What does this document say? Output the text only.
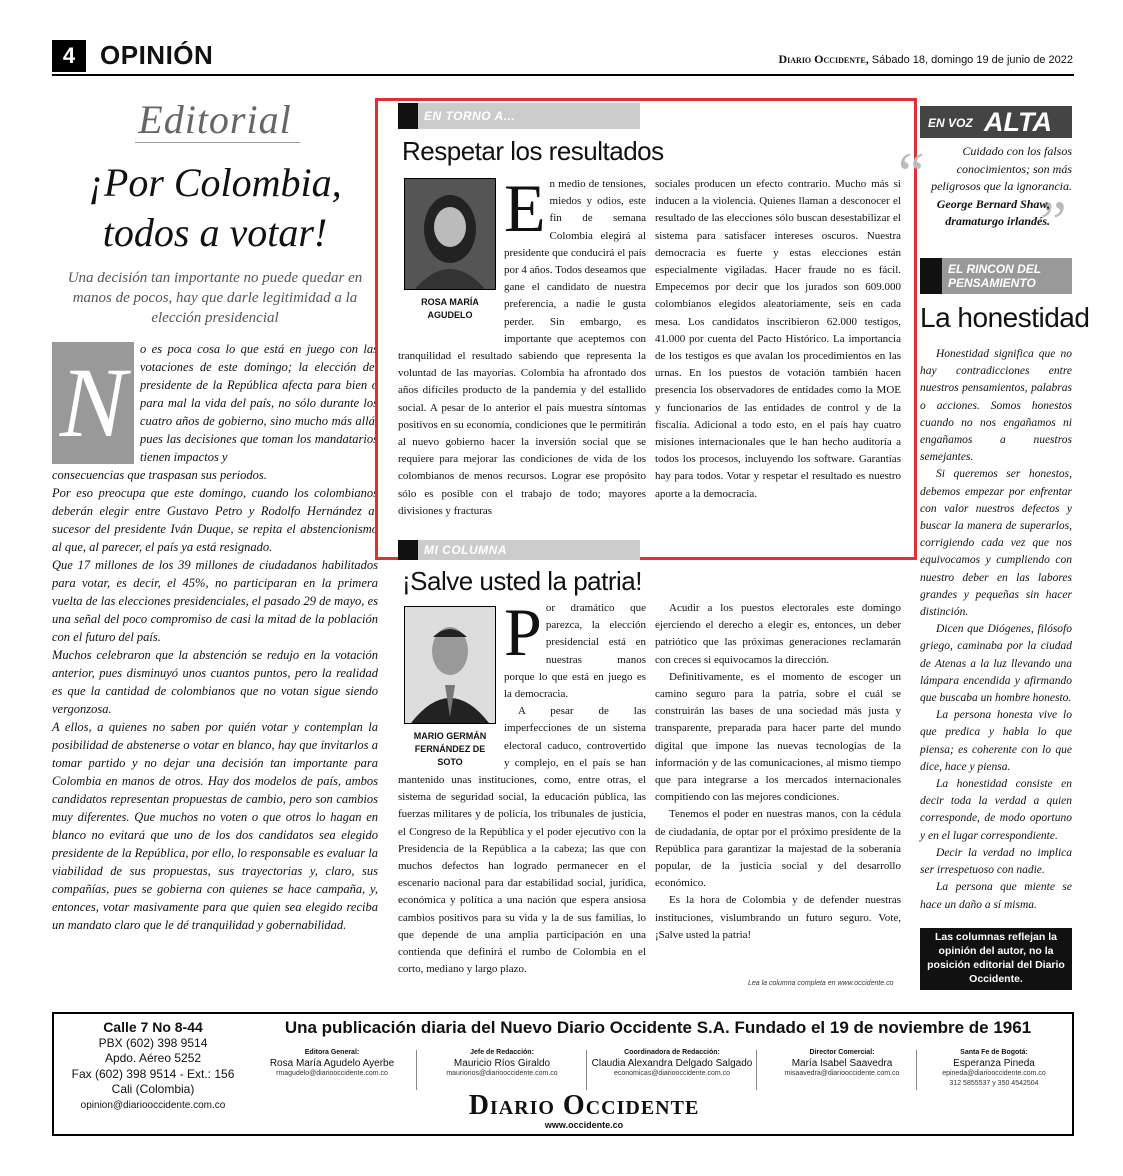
4 OPINIÓN	Diario Occidente, Sábado 18, domingo 19 de junio de 2022
Editorial
¡Por Colombia, todos a votar!
Una decisión tan importante no puede quedar en manos de pocos, hay que darle legitimidad a la elección presidencial
N	o es poca cosa lo que está en juego con las votaciones de este domingo; la elección del presidente de la República afecta para bien o para mal la vida del país, no sólo durante los cuatro años de gobierno, sino mucho más allá, pues las decisiones que toman los mandatarios tienen impactos y

consecuencias que traspasan sus periodos.

Por eso preocupa que este domingo, cuando los colombianos deberán elegir entre Gustavo Petro y Rodolfo Hernández al sucesor del presidente Iván Duque, se repita el abstencionismo al que, al parecer, el país ya está resignado.

Que 17 millones de los 39 millones de ciudadanos habilitados para votar, es decir, el 45%, no participaran en la primera vuelta de las elecciones presidenciales, el pasado 29 de mayo, es una señal del poco compromiso de casi la mitad de la población con el futuro del país.

Muchos celebraron que la abstención se redujo en la votación anterior, pues disminuyó unos cuantos puntos, pero la realidad es que la cantidad de colombianos que no votan sigue siendo vergonzosa.

A ellos, a quienes no saben por quién votar y contemplan la posibilidad de abstenerse o votar en blanco, hay que invitarlos a tomar partido y no dejar una decisión tan importante para Colombia en manos de otros. Hay dos modelos de país, ambos candidatos representan propuestas de cambio, pero son cambios muy diferentes. Que muchos no voten o que otros lo hagan en blanco no evitará que uno de los dos candidatos sea elegido presidente de la República, por ello, lo responsable es evaluar la viabilidad de sus propuestas, sus trayectorias y, claro, sus compañías, pues se gobierna con quienes se hace campaña, y, entonces, votar masivamente para que quien sea elegido reciba un mandato claro que le dé tranquilidad y gobernabilidad.

EN TORNO A...
Respetar los resultados
ROSA MARÍA AGUDELO
En medio de tensiones, miedos y odios, este fin de semana Colombia elegirá al presidente que conducirá el país por 4 años. Todos deseamos que gane el candidato de nuestra preferencia, a nadie le gusta perder. Sin embargo, es importante que aceptemos con tranquilidad el resultado sabiendo que representa la voluntad de las mayorías. Colombia ha afrontado dos años difíciles producto de la pandemia y del estallido social. A pesar de lo anterior el país muestra síntomas positivos en su economía, condiciones que le permitirán al nuevo gobierno hacer la inversión social que se requiere para mejorar las condiciones de vida de los colombianos de menos recursos. Lograr ese propósito sólo es posible con el trabajo de todo; mayores divisiones y fracturas
sociales producen un efecto contrario. Mucho más si inducen a la violencia. Quienes llaman a desconocer el resultado de las elecciones sólo buscan desestabilizar el sistema para satisfacer intereses oscuros. Nuestra democracia es fuerte y estas elecciones están especialmente vigiladas. Hacer fraude no es fácil. Empecemos por decir que los jurados son 609.000 colombianos elegidos aleatoriamente, seis en cada mesa. Los candidatos inscribieron 62.000 testigos, 41.000 por cuenta del Pacto Histórico. La importancia de los testigos es que avalan los procedimientos en las urnas. En los puestos de votación también hacen presencia los observadores de entidades como la MOE y funcionarios de las entidades de control y de la fiscalía. Adicional a todo esto, en el país hay cuatro misiones internacionales que le han hecho auditoría a todos los procesos, incluyendo los software. Garantías hay para todos. Votar y respetar el resultado es nuestro aporte a la democracia.
MI COLUMNA
¡Salve usted la patria!
MARIO GERMÁN FERNÁNDEZ DE SOTO
Por dramático que parezca, la elección presidencial está en nuestras manos porque lo que está en juego es la democracia.
A pesar de las imperfecciones de un sistema electoral caduco, controvertido y complejo, en el país se han mantenido unas instituciones, como, entre otras, el sistema de seguridad social, la educación pública, las fuerzas militares y de policía, los tribunales de justicia, el Congreso de la República y el poder ejecutivo con la Presidencia de la República a la cabeza; las que con muchos defectos han logrado permanecer en el escenario nacional para dar estabilidad social, jurídica, económica y política a una nación que espera ansiosa cambios positivos para su vida y la de sus familias, lo que depende de una amplia participación en una contienda que definirá el rumbo de Colombia en el corto, mediano y largo plazo.
Acudir a los puestos electorales este domingo ejerciendo el derecho a elegir es, entonces, un deber patriótico que las próximas generaciones reclamarán con creces si equivocamos la dirección.
Definitivamente, es el momento de escoger un camino seguro para la patria, sobre el cuál se construirán las bases de una sociedad más justa y transparente, preparada para hacer parte del mundo digital que impone las nuevas tecnologías de la información y de las comunicaciones, al mismo tiempo que para integrarse a los mercados internacionales compitiendo con las mejores condiciones.
Tenemos el poder en nuestras manos, con la cédula de ciudadanía, de optar por el próximo presidente de la República para garantizar la majestad de la soberanía popular, de la justicia social y del desarrollo económico.
Es la hora de Colombia y de defender nuestras instituciones, vislumbrando un futuro seguro. Vote, ¡Salve usted la patria!
Lea la columna completa en www.occidente.co
EN VOZ ALTA
“
”
Cuidado con los falsos conocimientos; son más peligrosos que la ignorancia.
George Bernard Shaw, dramaturgo irlandés.
EL RINCON DEL PENSAMIENTO
La honestidad

Honestidad significa que no hay contradicciones entre nuestros pensamientos, palabras o acciones. Somos honestos cuando no nos engañamos ni engañamos a nuestros semejantes.

Si queremos ser honestos, debemos empezar por enfrentar con valor nuestros defectos y buscar la manera de superarlos, corrigiendo cada vez que nos equivocamos y cumpliendo con nuestro deber en las labores grandes y pequeñas sin hacer distinción.

Dicen que Diógenes, filósofo griego, caminaba por la ciudad de Atenas a la luz llevando una lámpara encendida y afirmando que buscaba un hombre honesto.

La persona honesta vive lo que predica y habla lo que piensa; es coherente con lo que dice, hace y piensa.

La honestidad consiste en decir toda la verdad a quien corresponde, de modo oportuno y en el lugar correspondiente.

Decir la verdad no implica ser irrespetuoso con nadie.

La persona que miente se hace un daño a sí misma.

Las columnas reflejan la opinión del autor, no la posición editorial del Diario Occidente.
Calle 7 No 8-44
PBX (602) 398 9514
Apdo. Aéreo 5252
Fax (602) 398 9514 - Ext.: 156
Cali (Colombia)
opinion@diariooccidente.com.co
Una publicación diaria del Nuevo Diario Occidente S.A. Fundado el 19 de noviembre de 1961
Editora General:
Rosa María Agudelo Ayerbe
rmagudelo@diariooccidente.com.co
Jefe de Redacción:
Mauricio Ríos Giraldo
mauriorios@diariooccidente.com.co
Coordinadora de Redacción:
Claudia Alexandra Delgado Salgado
economicas@diariooccidente.com.co
Director Comercial:
María Isabel Saavedra
misaavedra@diariooccidente.com.co
Santa Fe de Bogotá:
Esperanza Pineda
epineda@diariooccidente.com.co
312 5855537 y 350 4542504
Diario Occidente
www.occidente.co
